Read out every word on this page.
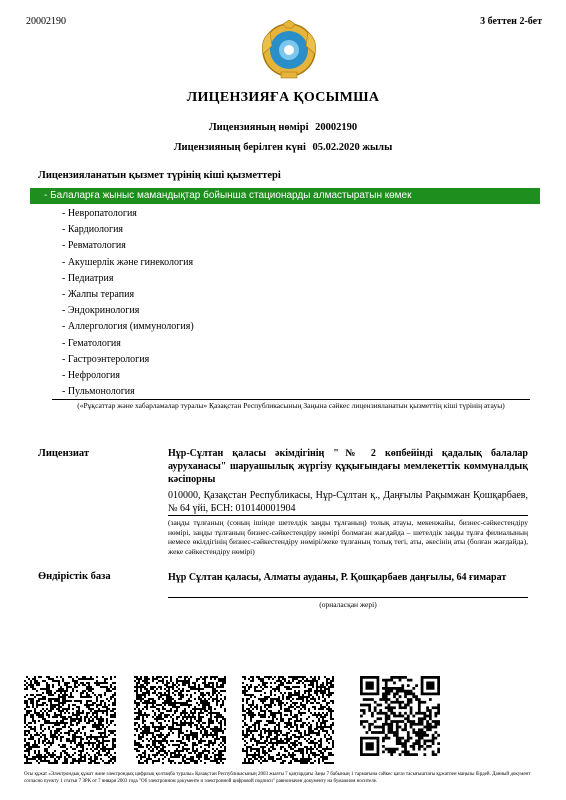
20002190	3 беттен 2-бет
ЛИЦЕНЗИЯҒА ҚОСЫМША
Лицензияның нөмірі 20002190
Лицензияның берілген күні 05.02.2020 жылы
Лицензияланатын қызмет түрінің кіші қызметтері
- Балаларға жыныс мамандықтар бойынша стационарды алмастыратын көмек
- Невропатология
- Кардиология
- Ревматология
- Акушерлік және гинекология
- Педиатрия
- Жалпы терапия
- Эндокринология
- Аллергология (иммунология)
- Гематология
- Гастроэнтерология
- Нефрология
- Пульмонология
(«Рұқсаттар және хабарламалар туралы» Қазақстан Республикасының Заңына сәйкес лицензияланатын қызметтің кіші түрінің атауы)
Лицензиат	Нұр-Сұлтан қаласы әкімдігінің "№ 2 көпбейінді қадалық балалар ауруханасы" шаруашылық жүргізу құқығындағы мемлекеттік коммуналдық кәсіпорны
010000, Қазақстан Республикасы, Нұр-Сұлтан қ., Даңғылы Рақымжан Қошқарбаев, № 64 үйі, БСН: 010140001904
(заңды тұлғаның (соның ішінде шетелдік заңды тұлғаның) толық атауы, мекенжайы, бизнес-сәйкестендіру нөмірі, заңды тұлғаның бизнес-сәйкестендіру нөмірі болмаған жағдайда – шетелдік заңды тұлға филиалының немесе өкілдігінің бизнес-сәйкестендіру нөмірі/жеке тұлғаның толық тегі, аты, әкесінің аты (болған жағдайда), жеке сәйкестендіру нөмірі)
Өндірістік база	Нұр Сұлтан қаласы, Алматы ауданы, Р. Қошқарбаев даңғылы, 64 ғимарат
(орналасқан жері)
Осы құжат «Электрондық құжат және электрондық цифрлық қолтаңба туралы» Қазақстан Республикасының 2003 жылғы 7 қаңтардағы Заңы 7 бабының 1 тармағына сәйкес қағаз тасығыштағы құжатпен маңызы бірдей. Данный документ согласно пункту 1 статьи 7 ЗРК от 7 января 2003 года "Об электронном документе и электронной цифровой подписи" равнозначен документу на бумажном носителе.
